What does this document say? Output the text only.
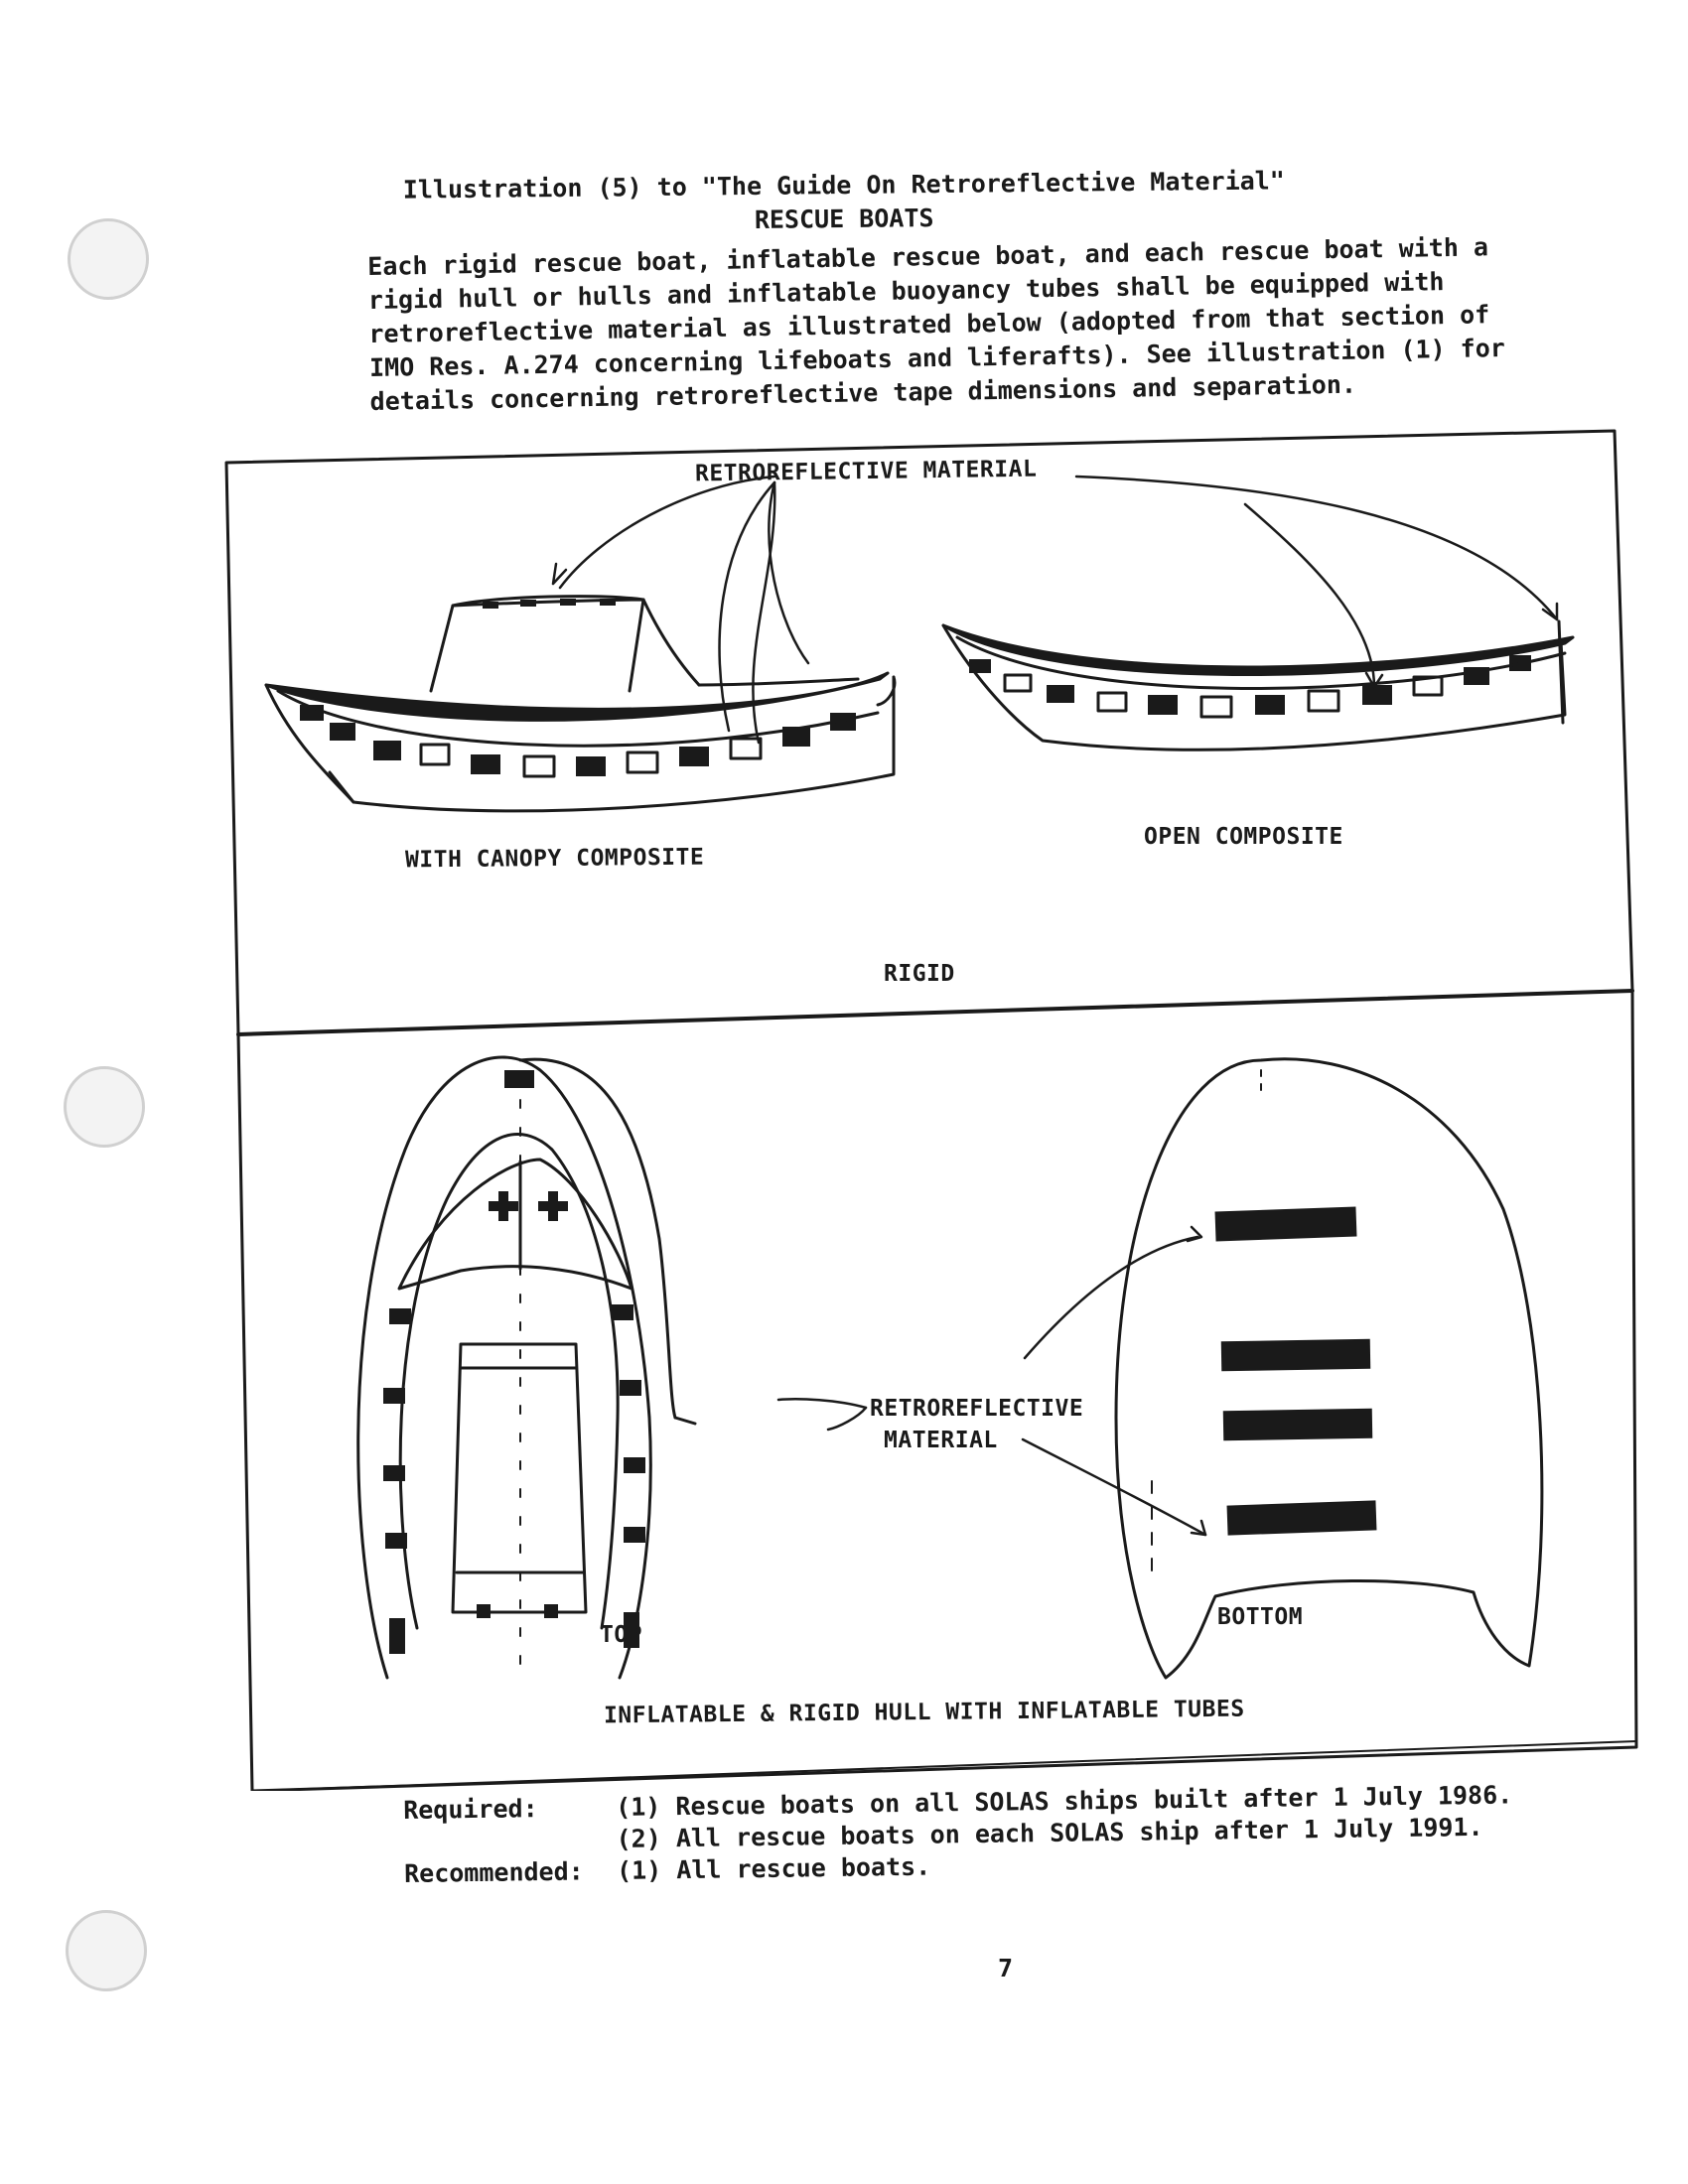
Illustration (5) to "The Guide On Retroreflective Material"
RESCUE BOATS
Each rigid rescue boat, inflatable rescue boat, and each rescue boat with a rigid hull or hulls and inflatable buoyancy tubes shall be equipped with retroreflective material as illustrated below (adopted from that section of IMO Res. A.274 concerning lifeboats and liferafts). See illustration (1) for details concerning retroreflective tape dimensions and separation.
RETROREFLECTIVE MATERIAL
WITH CANOPY COMPOSITE
OPEN COMPOSITE
RIGID
RETROREFLECTIVE
MATERIAL
TOP
BOTTOM
INFLATABLE & RIGID HULL WITH INFLATABLE TUBES
Required:	(1) Rescue boats on all SOLAS ships built after 1 July 1986.
(2) All rescue boats on each SOLAS ship after 1 July 1991.
Recommended:	(1) All rescue boats.
7
